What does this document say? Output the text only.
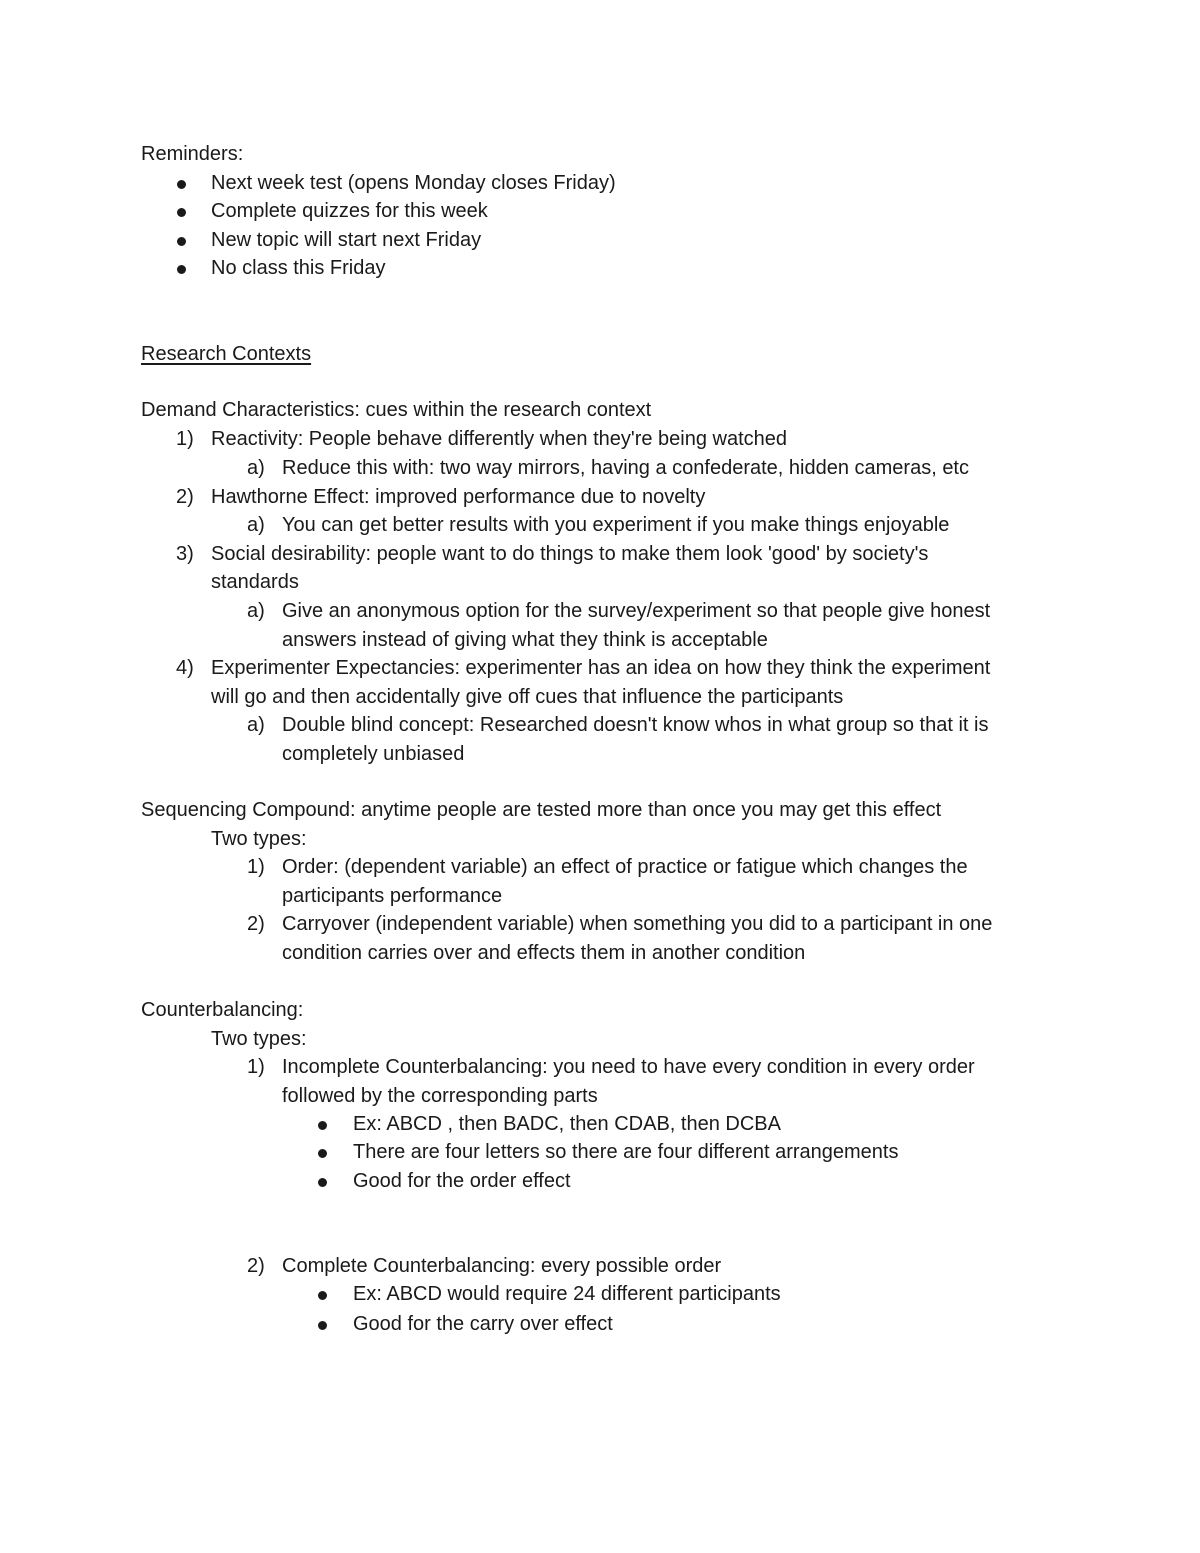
Reminders:
Next week test (opens Monday closes Friday)
Complete quizzes for this week
New topic will start next Friday
No class this Friday
Research Contexts
Demand Characteristics: cues within the research context
1) Reactivity: People behave differently when they're being watched
a) Reduce this with: two way mirrors, having a confederate, hidden cameras, etc
2) Hawthorne Effect: improved performance due to novelty
a) You can get better results with you experiment if you make things enjoyable
3) Social desirability: people want to do things to make them look 'good' by society's
standards
a) Give an anonymous option for the survey/experiment so that people give honest
answers instead of giving what they think is acceptable
4) Experimenter Expectancies: experimenter has an idea on how they think the experiment
will go and then accidentally give off cues that influence the participants
a) Double blind concept: Researched doesn't know whos in what group so that it is
completely unbiased
Sequencing Compound: anytime people are tested more than once you may get this effect
Two types:
1) Order: (dependent variable) an effect of practice or fatigue which changes the
participants performance
2) Carryover (independent variable) when something you did to a participant in one
condition carries over and effects them in another condition
Counterbalancing:
Two types:
1) Incomplete Counterbalancing: you need to have every condition in every order
followed by the corresponding parts
Ex: ABCD , then BADC, then CDAB, then DCBA
There are four letters so there are four different arrangements
Good for the order effect
2) Complete Counterbalancing: every possible order
Ex: ABCD would require 24 different participants
Good for the carry over effect
